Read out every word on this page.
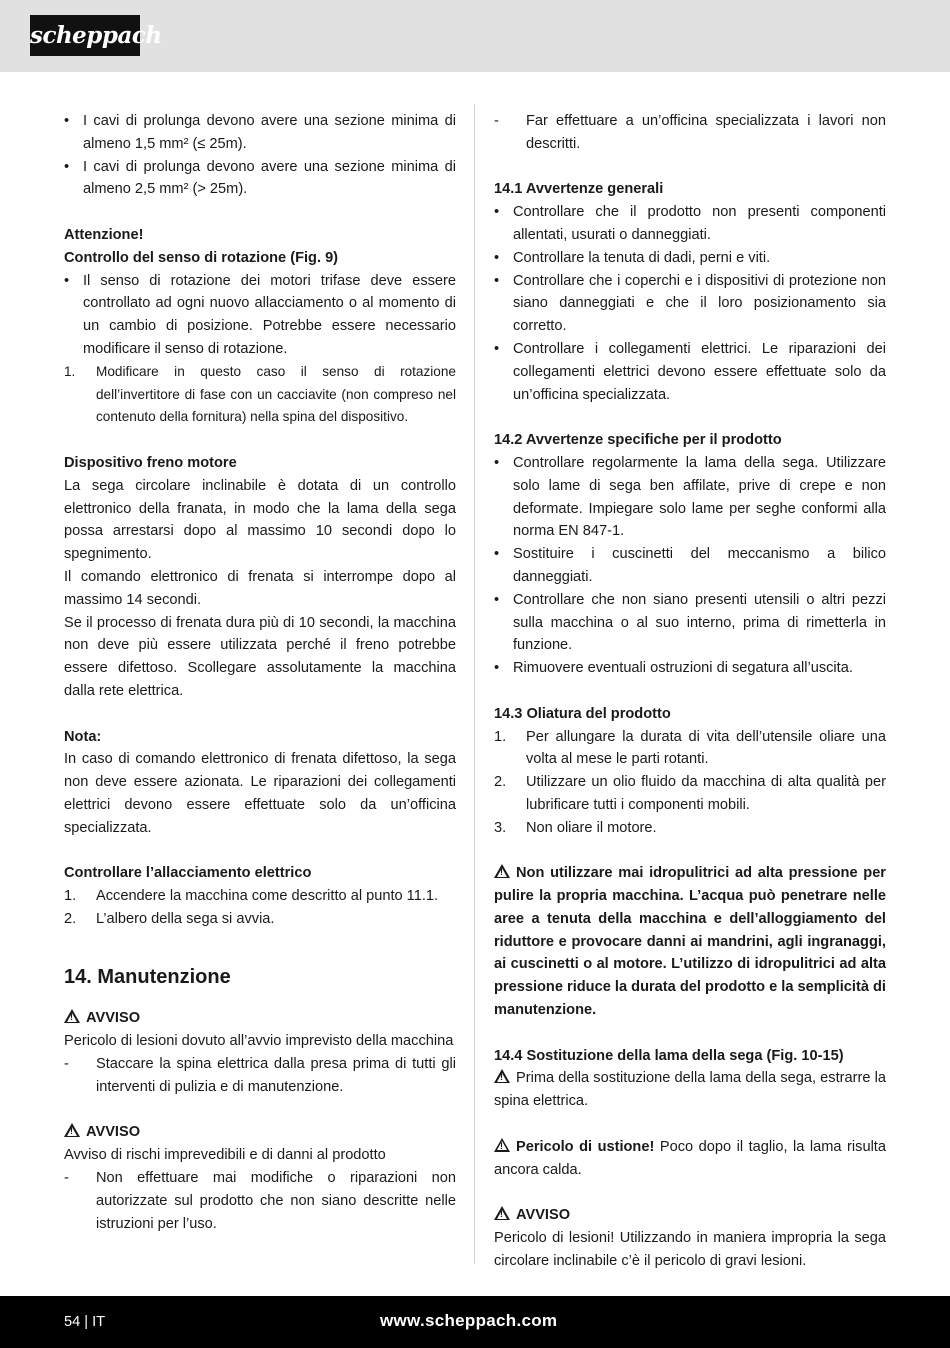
scheppach
• I cavi di prolunga devono avere una sezione minima di almeno 1,5 mm² (≤ 25m).
• I cavi di prolunga devono avere una sezione minima di almeno 2,5 mm² (> 25m).

Attenzione!

Controllo del senso di rotazione (Fig. 9)

• Il senso di rotazione dei motori trifase deve essere controllato ad ogni nuovo allacciamento o al momento di un cambio di posizione. Potrebbe essere necessario modificare il senso di rotazione.
1. Modificare in questo caso il senso di rotazione dell’invertitore di fase con un cacciavite (non compreso nel contenuto della fornitura) nella spina del dispositivo.

Dispositivo freno motore

La sega circolare inclinabile è dotata di un controllo elettronico della franata, in modo che la lama della sega possa arrestarsi dopo al massimo 10 secondi dopo lo spegnimento.

Il comando elettronico di frenata si interrompe dopo al massimo 14 secondi.

Se il processo di frenata dura più di 10 secondi, la macchina non deve più essere utilizzata perché il freno potrebbe essere difettoso. Scollegare assolutamente la macchina dalla rete elettrica.

Nota:

In caso di comando elettronico di frenata difettoso, la sega non deve essere azionata. Le riparazioni dei collegamenti elettrici devono essere effettuate solo da un’officina specializzata.

Controllare l’allacciamento elettrico

1. Accendere la macchina come descritto al punto 11.1.
2. L’albero della sega si avvia.
14. Manutenzione

!AVVISO

Pericolo di lesioni dovuto all’avvio imprevisto della macchina

- Staccare la spina elettrica dalla presa prima di tutti gli interventi di pulizia e di manutenzione.

!AVVISO

Avviso di rischi imprevedibili e di danni al prodotto

- Non effettuare mai modifiche o riparazioni non autorizzate sul prodotto che non siano descritte nelle istruzioni per l’uso.
- Far effettuare a un’officina specializzata i lavori non descritti.

14.1 Avvertenze generali

• Controllare che il prodotto non presenti componenti allentati, usurati o danneggiati.
• Controllare la tenuta di dadi, perni e viti.
• Controllare che i coperchi e i dispositivi di protezione non siano danneggiati e che il loro posizionamento sia corretto.
• Controllare i collegamenti elettrici. Le riparazioni dei collegamenti elettrici devono essere effettuate solo da un’officina specializzata.

14.2 Avvertenze specifiche per il prodotto

• Controllare regolarmente la lama della sega. Utilizzare solo lame di sega ben affilate, prive di crepe e non deformate. Impiegare solo lame per seghe conformi alla norma EN 847-1.
• Sostituire i cuscinetti del meccanismo a bilico danneggiati.
• Controllare che non siano presenti utensili o altri pezzi sulla macchina o al suo interno, prima di rimetterla in funzione.
• Rimuovere eventuali ostruzioni di segatura all’uscita.

14.3 Oliatura del prodotto

1. Per allungare la durata di vita dell’utensile oliare una volta al mese le parti rotanti.
2. Utilizzare un olio fluido da macchina di alta qualità per lubrificare tutti i componenti mobili.
3. Non oliare il motore.

!Non utilizzare mai idropulitrici ad alta pressione per pulire la propria macchina. L’acqua può penetrare nelle aree a tenuta della macchina e dell’alloggiamento del riduttore e provocare danni ai mandrini, agli ingranaggi, ai cuscinetti o al motore. L’utilizzo di idropulitrici ad alta pressione riduce la durata del prodotto e la semplicità di manutenzione.

14.4 Sostituzione della lama della sega (Fig. 10-15)

!Prima della sostituzione della lama della sega, estrarre la spina elettrica.

!Pericolo di ustione! Poco dopo il taglio, la lama risulta ancora calda.

!AVVISO

Pericolo di lesioni! Utilizzando in maniera impropria la sega circolare inclinabile c’è il pericolo di gravi lesioni.

54 | IT	www.scheppach.com
